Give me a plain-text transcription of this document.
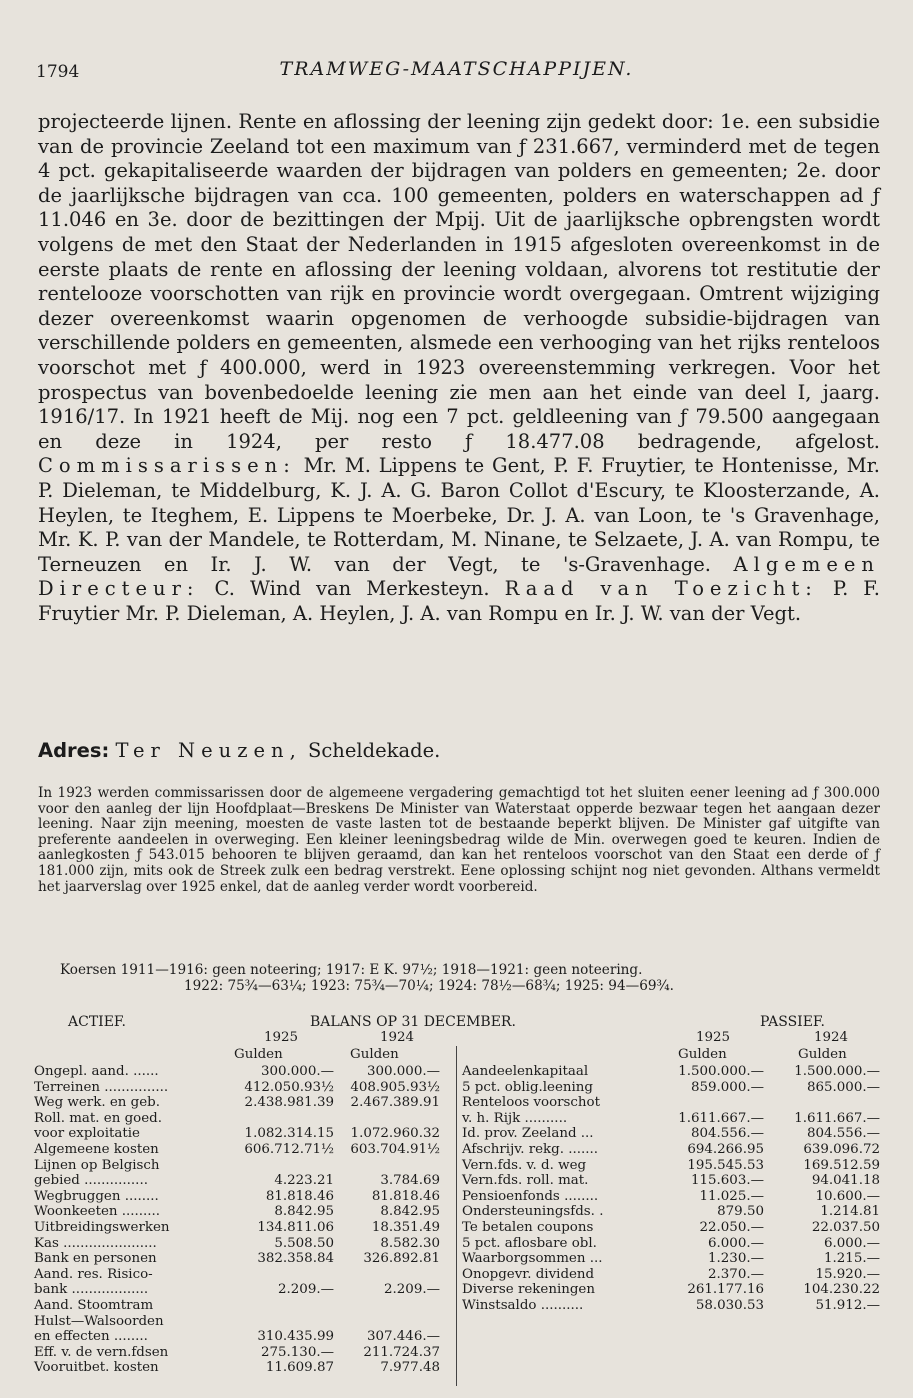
1794	TRAMWEG-MAATSCHAPPIJEN.

projecteerde lijnen. Rente en aflossing der leening zijn gedekt door: 1e. een subsidie van de provincie Zeeland tot een maximum van ƒ 231.667, verminderd met de tegen 4 pct. gekapitaliseerde waarden der bijdragen van polders en gemeenten; 2e. door de jaarlijksche bijdragen van cca. 100 gemeenten, polders en waterschappen ad ƒ 11.046 en 3e. door de bezittingen der Mpij. Uit de jaarlijksche opbrengsten wordt volgens de met den Staat der Nederlanden in 1915 afgesloten overeenkomst in de eerste plaats de rente en aflossing der leening voldaan, alvorens tot restitutie der rentelooze voorschotten van rijk en provincie wordt overgegaan. Omtrent wijziging dezer overeenkomst waarin opgenomen de verhoogde subsidie-bijdragen van verschillende polders en gemeenten, alsmede een verhooging van het rijks renteloos voorschot met ƒ 400.000, werd in 1923 overeenstemming verkregen. Voor het prospectus van bovenbedoelde leening zie men aan het einde van deel I, jaarg. 1916/17. In 1921 heeft de Mij. nog een 7 pct. geldleening van ƒ 79.500 aangegaan en deze in 1924, per resto ƒ 18.477.08 bedragende, afgelost. Commissarissen: Mr. M. Lippens te Gent, P. F. Fruytier, te Hontenisse, Mr. P. Dieleman, te Middelburg, K. J. A. G. Baron Collot d'Escury, te Kloosterzande, A. Heylen, te Iteghem, E. Lippens te Moerbeke, Dr. J. A. van Loon, te 's Gravenhage, Mr. K. P. van der Mandele, te Rotterdam, M. Ninane, te Selzaete, J. A. van Rompu, te Terneuzen en Ir. J. W. van der Vegt, te 's-Gravenhage. Algemeen Directeur: C. Wind van Merkesteyn. Raad van Toezicht: P. F. Fruytier Mr. P. Dieleman, A. Heylen, J. A. van Rompu en Ir. J. W. van der Vegt.

Adres: Ter Neuzen, Scheldekade.

In 1923 werden commissarissen door de algemeene vergadering gemachtigd tot het sluiten eener leening ad ƒ 300.000 voor den aanleg der lijn Hoofdplaat—Breskens De Minister van Waterstaat opperde bezwaar tegen het aangaan dezer leening. Naar zijn meening, moesten de vaste lasten tot de bestaande beperkt blijven. De Minister gaf uitgifte van preferente aandeelen in overweging. Een kleiner leeningsbedrag wilde de Min. overwegen goed te keuren. Indien de aanlegkosten ƒ 543.015 behooren te blijven geraamd, dan kan het renteloos voorschot van den Staat een derde of ƒ 181.000 zijn, mits ook de Streek zulk een bedrag verstrekt. Eene oplossing schijnt nog niet gevonden. Althans vermeldt het jaarverslag over 1925 enkel, dat de aanleg verder wordt voorbereid.

Koersen 1911—1916: geen noteering; 1917: E K. 97½; 1918—1921: geen noteering.
1922: 75¾—63¼; 1923: 75¾—70¼; 1924: 78½—68¾; 1925: 94—69¾.
ACTIEF.	BALANS OP 31 DECEMBER.	PASSIEF.
1925	1924
Gulden	Gulden
Ongepl. aand. ......	300.000.— 300.000.—
Terreinen ...............	412.050.93½ 408.905.93½
Weg werk. en geb.	2.438.981.39 2.467.389.91
Roll. mat. en goed.
voor exploitatie	1.082.314.15 1.072.960.32
Algemeene kosten	606.712.71½ 603.704.91½
Lijnen op Belgisch
gebied ...............	4.223.21	3.784.69
Wegbruggen ........	81.818.46	81.818.46
Woonkeeten .........	8.842.95	8.842.95
Uitbreidingswerken	134.811.06	18.351.49
Kas ......................	5.508.50	8.582.30
Bank en personen	382.358.84 326.892.81
Aand. res. Risico-
bank ..................	2.209.—	2.209.—
Aand. Stoomtram
Hulst—Walsoorden
en effecten ........	310.435.99 307.446.—
Eff. v. de vern.fdsen	275.130.— 211.724.37
Vooruitbet. kosten	11.609.87	7.977.48
1925	1924
Gulden	Gulden
Aandeelenkapitaal	1.500.000.— 1.500.000.—
5 pct. oblig.leening	859.000.—	865.000.—
Renteloos voorschot
v. h. Rijk ..........	1.611.667.— 1.611.667.—
Id. prov. Zeeland ...	804.556.—	804.556.—
Afschrijv. rekg. .......	694.266.95	639.096.72
Vern.fds. v. d. weg	195.545.53	169.512.59
Vern.fds. roll. mat.	115.603.—	94.041.18
Pensioenfonds ........	11.025.—	10.600.—
Ondersteuningsfds. .	879.50	1.214.81
Te betalen coupons	22.050.—	22.037.50
5 pct. aflosbare obl.	6.000.—	6.000.—
Waarborgsommen ...	1.230.—	1.215.—
Onopgevr. dividend	2.370.—	15.920.—
Diverse rekeningen	261.177.16	104.230.22
Winstsaldo ..........	58.030.53	51.912.—
